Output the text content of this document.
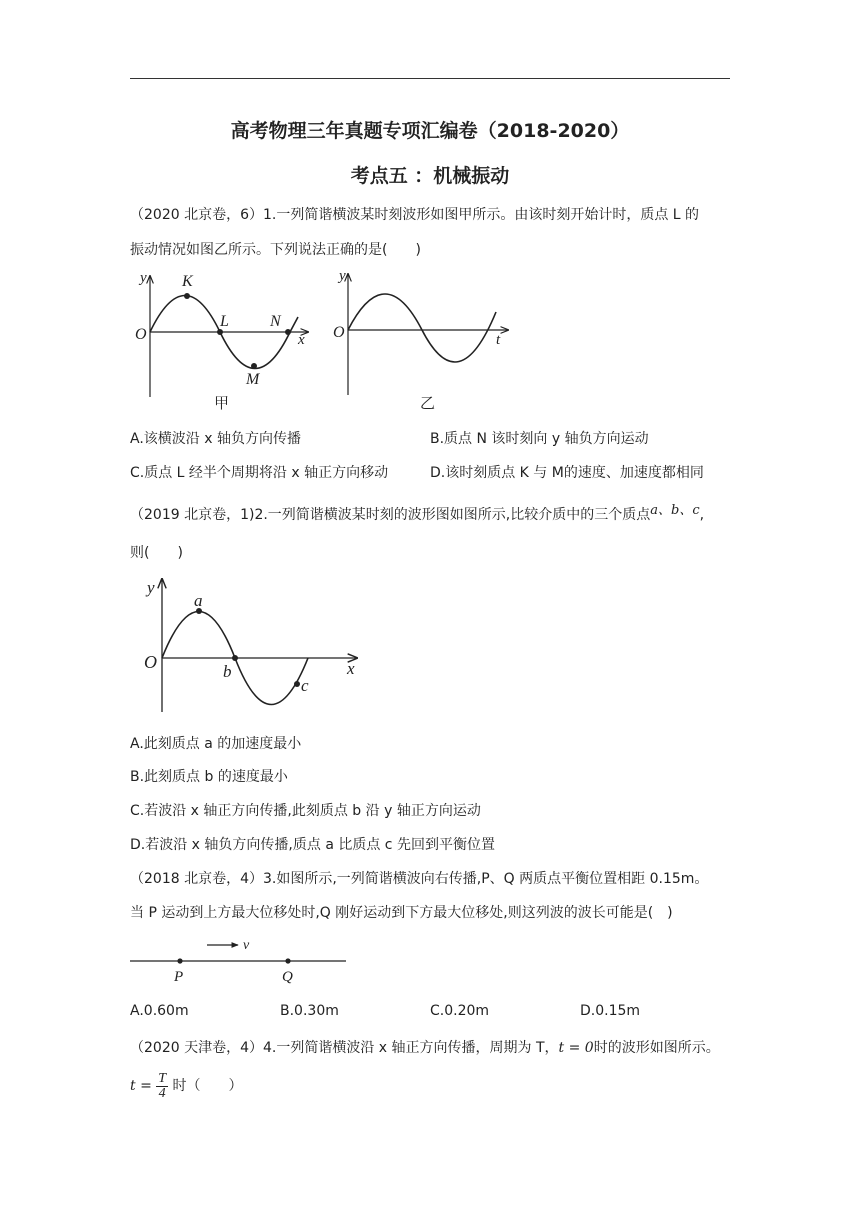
高考物理三年真题专项汇编卷（2018-2020）
考点五 ：机械振动
（2020 北京卷，6）1.一列简谐横波某时刻波形如图甲所示。由该时刻开始计时，质点 L 的
振动情况如图乙所示。下列说法正确的是(　　)
y
x
O
K
L	N
M
甲
y
t
O
乙
A.该横波沿 x 轴负方向传播	B.质点 N 该时刻向 y 轴负方向运动
C.质点 L 经半个周期将沿 x 轴正方向移动	D.该时刻质点 K 与 M的速度、加速度都相同
（2019 北京卷，1)2.一列简谐横波某时刻的波形图如图所示,比较介质中的三个质点a、b、c,
则(　　)
y
x
O
a
b
c
A.此刻质点 a 的加速度最小
B.此刻质点 b 的速度最小
C.若波沿 x 轴正方向传播,此刻质点 b 沿 y 轴正方向运动
D.若波沿 x 轴负方向传播,质点 a 比质点 c 先回到平衡位置
（2018 北京卷，4）3.如图所示,一列简谐横波向右传播,P、Q 两质点平衡位置相距 0.15m。
当 P 运动到上方最大位移处时,Q 刚好运动到下方最大位移处,则这列波的波长可能是(　)
v
P	Q
A.0.60m	B.0.30m	C.0.20m	D.0.15m
（2020 天津卷，4）4.一列简谐横波沿 x 轴正方向传播，周期为 T，t = 0时的波形如图所示。
$t = \frac{T}{4}$ 时（　　）
